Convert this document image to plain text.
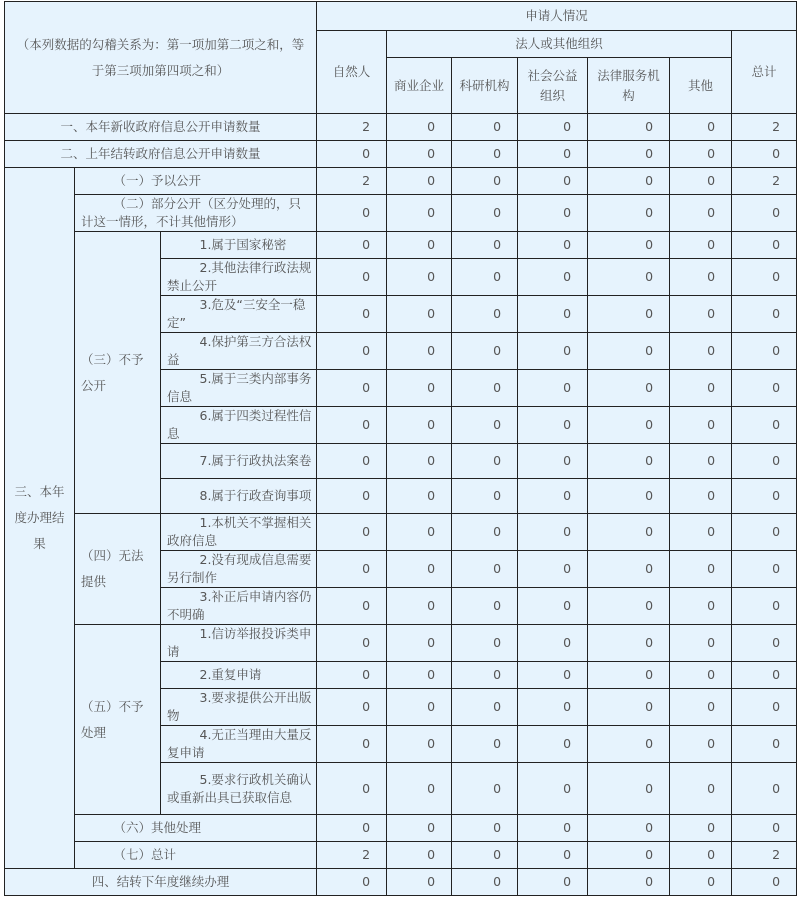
（本列数据的勾稽关系为：第一项加第二项之和，等于第三项加第四项之和）			申请人情况						
			自然人	法人或其他组织					总计
				商业企业	科研机构	社会公益组织	法律服务机构	其他	
一、本年新收政府信息公开申请数量			2	0	0	0	0	0	2
二、上年结转政府信息公开申请数量			0	0	0	0	0	0	0
三、本年度办理结果	（一）予以公开		2	0	0	0	0	0	2
	（二）部分公开（区分处理的，只计这一情形，不计其他情形）		0	0	0	0	0	0	0
	（三）不予公开	1.属于国家秘密	0	0	0	0	0	0	0
		2.其他法律行政法规禁止公开	0	0	0	0	0	0	0
		3.危及“三安全一稳定”	0	0	0	0	0	0	0
		4.保护第三方合法权益	0	0	0	0	0	0	0
		5.属于三类内部事务信息	0	0	0	0	0	0	0
		6.属于四类过程性信息	0	0	0	0	0	0	0
		7.属于行政执法案卷	0	0	0	0	0	0	0
		8.属于行政查询事项	0	0	0	0	0	0	0
	（四）无法提供	1.本机关不掌握相关政府信息	0	0	0	0	0	0	0
		2.没有现成信息需要另行制作	0	0	0	0	0	0	0
		3.补正后申请内容仍不明确	0	0	0	0	0	0	0
	（五）不予处理	1.信访举报投诉类申请	0	0	0	0	0	0	0
		2.重复申请	0	0	0	0	0	0	0
		3.要求提供公开出版物	0	0	0	0	0	0	0
		4.无正当理由大量反复申请	0	0	0	0	0	0	0
		5.要求行政机关确认或重新出具已获取信息	0	0	0	0	0	0	0
	（六）其他处理		0	0	0	0	0	0	0
	（七）总计		2	0	0	0	0	0	2
四、结转下年度继续办理			0	0	0	0	0	0	0
